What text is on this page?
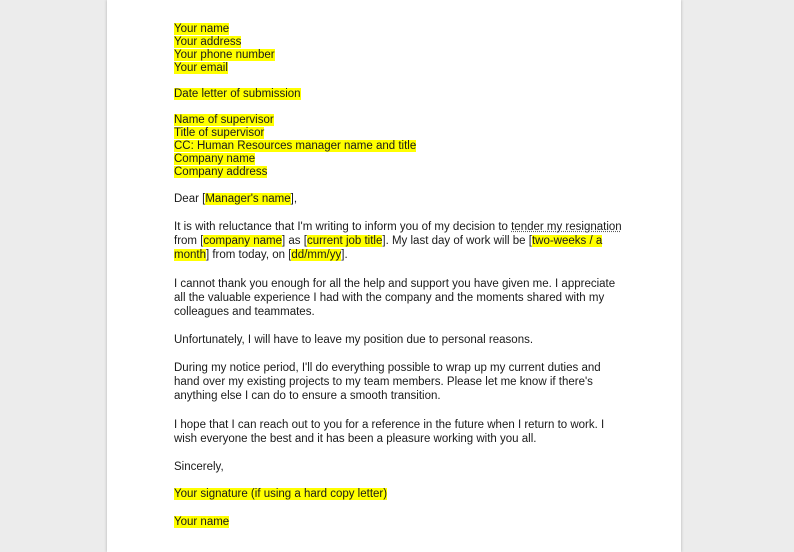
Your name
Your address
Your phone number
Your email
Date letter of submission
Name of supervisor
Title of supervisor
CC: Human Resources manager name and title
Company name
Company address
Dear [Manager's name],
It is with reluctance that I'm writing to inform you of my decision to tender my resignation
from [company name] as [current job title]. My last day of work will be [two-weeks / a
month] from today, on [dd/mm/yy].
I cannot thank you enough for all the help and support you have given me. I appreciate
all the valuable experience I had with the company and the moments shared with my
colleagues and teammates.
Unfortunately, I will have to leave my position due to personal reasons.
During my notice period, I'll do everything possible to wrap up my current duties and
hand over my existing projects to my team members. Please let me know if there's
anything else I can do to ensure a smooth transition.
I hope that I can reach out to you for a reference in the future when I return to work. I
wish everyone the best and it has been a pleasure working with you all.
Sincerely,
Your signature (if using a hard copy letter)
Your name
